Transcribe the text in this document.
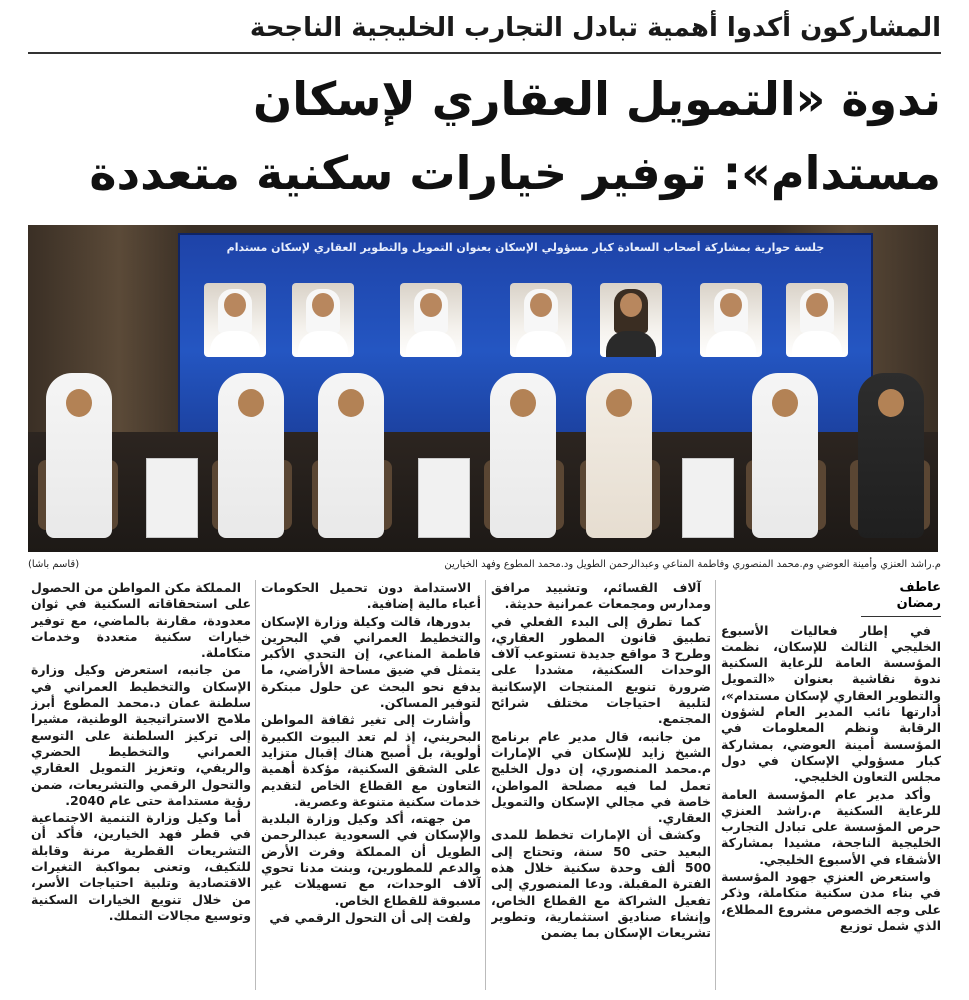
المشاركون أكدوا أهمية تبادل التجارب الخليجية الناجحة
ندوة «التمويل العقاري لإسكان مستدام»: توفير خيارات سكنية متعددة
جلسة حوارية بمشاركة أصحاب السعادة كبار مسؤولي الإسكان بعنوان التمويل والتطوير العقاري لإسكان مستدام
م.راشد العنزي وأمينة العوضي وم.محمد المنصوري وفاطمة المناعي وعبدالرحمن الطويل ود.محمد المطوع وفهد الخيارين
(قاسم باشا)
عاطف رمضان

في إطار فعاليات الأسبوع الخليجي الثالث للإسكان، نظمت المؤسسة العامة للرعاية السكنية ندوة نقاشية بعنوان «التمويل والتطوير العقاري لإسكان مستدام»، أدارتها نائب المدير العام لشؤون الرقابة ونظم المعلومات في المؤسسة أمينة العوضي، بمشاركة كبار مسؤولي الإسكان في دول مجلس التعاون الخليجي.

وأكد مدير عام المؤسسة العامة للرعاية السكنية م.راشد العنزي حرص المؤسسة على تبادل التجارب الخليجية الناجحة، مشيدا بمشاركة الأشقاء في الأسبوع الخليجي.

واستعرض العنزي جهود المؤسسة في بناء مدن سكنية متكاملة، وذكر على وجه الخصوص مشروع المطلاع، الذي شمل توزيع

آلاف القسائم، وتشييد مرافق ومدارس ومجمعات عمرانية حديثة.

كما تطرق إلى البدء الفعلي في تطبيق قانون المطور العقاري، وطرح 3 مواقع جديدة تستوعب آلاف الوحدات السكنية، مشددا على ضرورة تنويع المنتجات الإسكانية لتلبية احتياجات مختلف شرائح المجتمع.

من جانبه، قال مدير عام برنامج الشيخ زايد للإسكان في الإمارات م.محمد المنصوري، إن دول الخليج تعمل لما فيه مصلحة المواطن، خاصة في مجالي الإسكان والتمويل العقاري.

وكشف أن الإمارات تخطط للمدى البعيد حتى 50 سنة، وتحتاج إلى 500 ألف وحدة سكنية خلال هذه الفترة المقبلة. ودعا المنصوري إلى تفعيل الشراكة مع القطاع الخاص، وإنشاء صناديق استثمارية، وتطوير تشريعات الإسكان بما يضمن

الاستدامة دون تحميل الحكومات أعباء مالية إضافية.

بدورها، قالت وكيلة وزارة الإسكان والتخطيط العمراني في البحرين فاطمة المناعي، إن التحدي الأكبر يتمثل في ضيق مساحة الأراضي، ما يدفع نحو البحث عن حلول مبتكرة لتوفير المساكن.

وأشارت إلى تغير ثقافة المواطن البحريني، إذ لم تعد البيوت الكبيرة أولوية، بل أصبح هناك إقبال متزايد على الشقق السكنية، مؤكدة أهمية التعاون مع القطاع الخاص لتقديم خدمات سكنية متنوعة وعصرية.

من جهته، أكد وكيل وزارة البلدية والإسكان في السعودية عبدالرحمن الطويل أن المملكة وفرت الأرض والدعم للمطورين، وبنت مدنا تحوي آلاف الوحدات، مع تسهيلات غير مسبوقة للقطاع الخاص.

ولفت إلى أن التحول الرقمي في

المملكة مكن المواطن من الحصول على استحقاقاته السكنية في ثوان معدودة، مقارنة بالماضي، مع توفير خيارات سكنية متعددة وخدمات متكاملة.

من جانبه، استعرض وكيل وزارة الإسكان والتخطيط العمراني في سلطنة عمان د.محمد المطوع أبرز ملامح الاستراتيجية الوطنية، مشيرا إلى تركيز السلطنة على التوسع العمراني والتخطيط الحضري والريفي، وتعزيز التمويل العقاري والتحول الرقمي والتشريعات، ضمن رؤية مستدامة حتى عام 2040.

أما وكيل وزارة التنمية الاجتماعية في قطر فهد الخيارين، فأكد أن التشريعات القطرية مرنة وقابلة للتكيف، وتعنى بمواكبة التغيرات الاقتصادية وتلبية احتياجات الأسر، من خلال تنويع الخيارات السكنية وتوسيع مجالات التملك.
